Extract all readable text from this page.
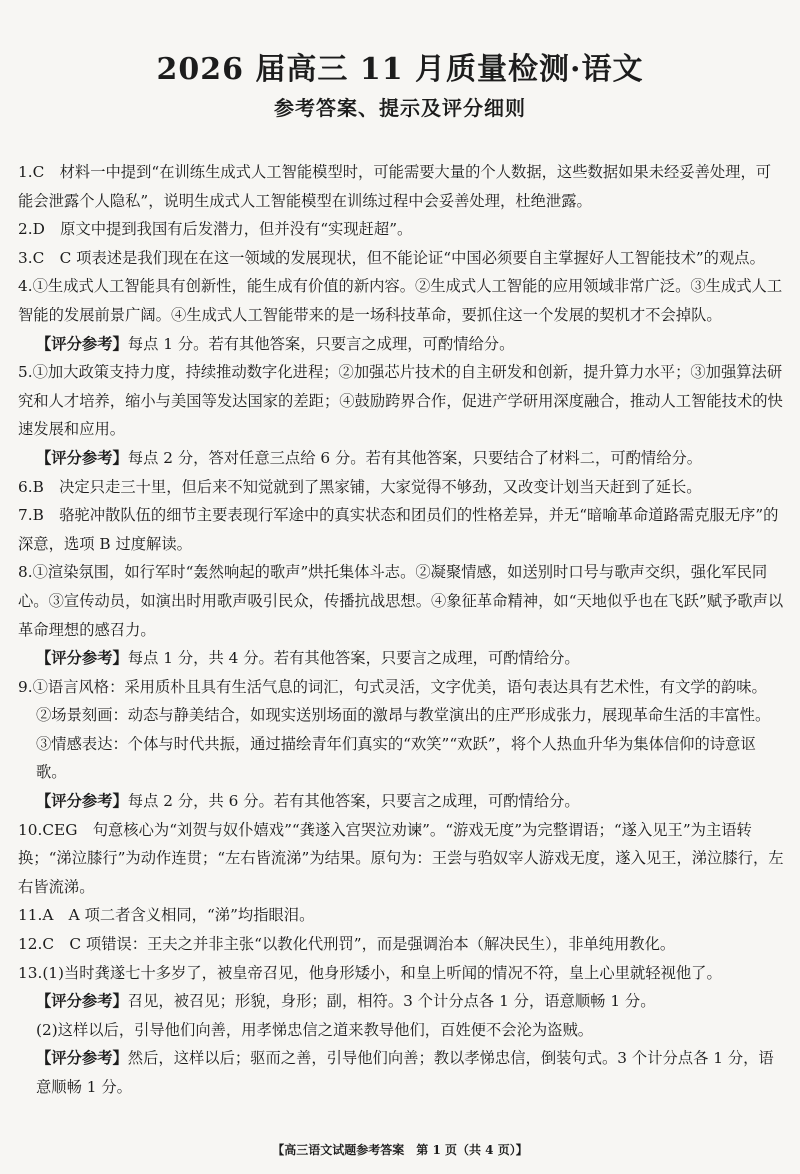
2026 届高三 11 月质量检测·语文
参考答案、提示及评分细则

1.C　材料一中提到“在训练生成式人工智能模型时，可能需要大量的个人数据，这些数据如果未经妥善处理，可能会泄露个人隐私”，说明生成式人工智能模型在训练过程中会妥善处理，杜绝泄露。

2.D　原文中提到我国有后发潜力，但并没有“实现赶超”。

3.C　C 项表述是我们现在在这一领域的发展现状，但不能论证“中国必须要自主掌握好人工智能技术”的观点。

4.①生成式人工智能具有创新性，能生成有价值的新内容。②生成式人工智能的应用领域非常广泛。③生成式人工智能的发展前景广阔。④生成式人工智能带来的是一场科技革命，要抓住这一个发展的契机才不会掉队。

【评分参考】每点 1 分。若有其他答案，只要言之成理，可酌情给分。

5.①加大政策支持力度，持续推动数字化进程；②加强芯片技术的自主研发和创新，提升算力水平；③加强算法研究和人才培养，缩小与美国等发达国家的差距；④鼓励跨界合作，促进产学研用深度融合，推动人工智能技术的快速发展和应用。

【评分参考】每点 2 分，答对任意三点给 6 分。若有其他答案，只要结合了材料二，可酌情给分。

6.B　决定只走三十里，但后来不知觉就到了黑家铺，大家觉得不够劲，又改变计划当天赶到了延长。

7.B　骆驼冲散队伍的细节主要表现行军途中的真实状态和团员们的性格差异，并无“暗喻革命道路需克服无序”的深意，选项 B 过度解读。

8.①渲染氛围，如行军时“轰然响起的歌声”烘托集体斗志。②凝聚情感，如送别时口号与歌声交织，强化军民同心。③宣传动员，如演出时用歌声吸引民众，传播抗战思想。④象征革命精神，如“天地似乎也在飞跃”赋予歌声以革命理想的感召力。

【评分参考】每点 1 分，共 4 分。若有其他答案，只要言之成理，可酌情给分。

9.①语言风格：采用质朴且具有生活气息的词汇，句式灵活，文字优美，语句表达具有艺术性，有文学的韵味。

②场景刻画：动态与静美结合，如现实送别场面的激昂与教堂演出的庄严形成张力，展现革命生活的丰富性。

③情感表达：个体与时代共振，通过描绘青年们真实的“欢笑”“欢跃”，将个人热血升华为集体信仰的诗意讴歌。

【评分参考】每点 2 分，共 6 分。若有其他答案，只要言之成理，可酌情给分。

10.CEG　句意核心为“刘贺与奴仆嬉戏”“龚遂入宫哭泣劝谏”。“游戏无度”为完整谓语；“遂入见王”为主语转换；“涕泣膝行”为动作连贯；“左右皆流涕”为结果。原句为：王尝与驺奴宰人游戏无度，遂入见王，涕泣膝行，左右皆流涕。

11.A　A 项二者含义相同，“涕”均指眼泪。

12.C　C 项错误：王夫之并非主张“以教化代刑罚”，而是强调治本（解决民生），非单纯用教化。

13.(1)当时龚遂七十多岁了，被皇帝召见，他身形矮小，和皇上听闻的情况不符，皇上心里就轻视他了。

【评分参考】召见，被召见；形貌，身形；副，相符。3 个计分点各 1 分，语意顺畅 1 分。

(2)这样以后，引导他们向善，用孝悌忠信之道来教导他们，百姓便不会沦为盗贼。

【评分参考】然后，这样以后；驱而之善，引导他们向善；教以孝悌忠信，倒装句式。3 个计分点各 1 分，语意顺畅 1 分。

【高三语文试题参考答案　第 1 页（共 4 页）】
